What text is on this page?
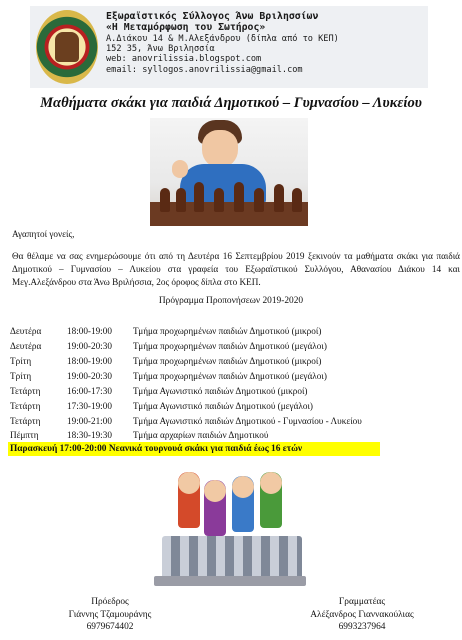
Εξωραϊστικός Σύλλογος Άνω Βριλησσίων
«Η Μεταμόρφωση του Σωτήρος»
Α.Διάκου 14 & Μ.Αλεξάνδρου (δίπλα από το ΚΕΠ)
152 35, Άνω Βριλησσία
web: anovrilissia.blogspot.com
email: syllogos.anovrilissia@gmail.com
Μαθήματα σκάκι για παιδιά Δημοτικού – Γυμνασίου – Λυκείου
Αγαπητοί γονείς,
Θα θέλαμε να σας ενημερώσουμε ότι από τη Δευτέρα 16 Σεπτεμβρίου 2019 ξεκινούν τα μαθήματα σκάκι για παιδιά Δημοτικού – Γυμνασίου – Λυκείου στα γραφεία του Εξωραϊστικού Συλλόγου, Αθανασίου Διάκου 14 και Μεγ.Αλεξάνδρου στα Άνω Βριλήσσια, 2ος όροφος δίπλα στο ΚΕΠ.
Πρόγραμμα Προπονήσεων 2019-2020
Δευτέρα	18:00-19:00	Τμήμα προχωρημένων παιδιών Δημοτικού (μικροί)
Δευτέρα	19:00-20:30	Τμήμα προχωρημένων παιδιών Δημοτικού (μεγάλοι)
Τρίτη	18:00-19:00	Τμήμα προχωρημένων παιδιών Δημοτικού (μικροί)
Τρίτη	19:00-20:30	Τμήμα προχωρημένων παιδιών Δημοτικού (μεγάλοι)
Τετάρτη	16:00-17:30	Τμήμα Αγωνιστικό παιδιών Δημοτικού (μικροί)
Τετάρτη	17:30-19:00	Τμήμα Αγωνιστικό παιδιών Δημοτικού (μεγάλοι)
Τετάρτη	19:00-21:00	Τμήμα Αγωνιστικό παιδιών Δημοτικού - Γυμνασίου - Λυκείου
Πέμπτη	18:30-19:30	Τμήμα αρχαρίων παιδιών Δημοτικού
Παρασκευή 17:00-20:00 Νεανικά τουρνουά σκάκι για παιδιά έως 16 ετών
Πρόεδρος
Γιάννης Τζαμουράνης
6979674402
Γραμματέας
Αλέξανδρος Γιαννακούλιας
6993237964
